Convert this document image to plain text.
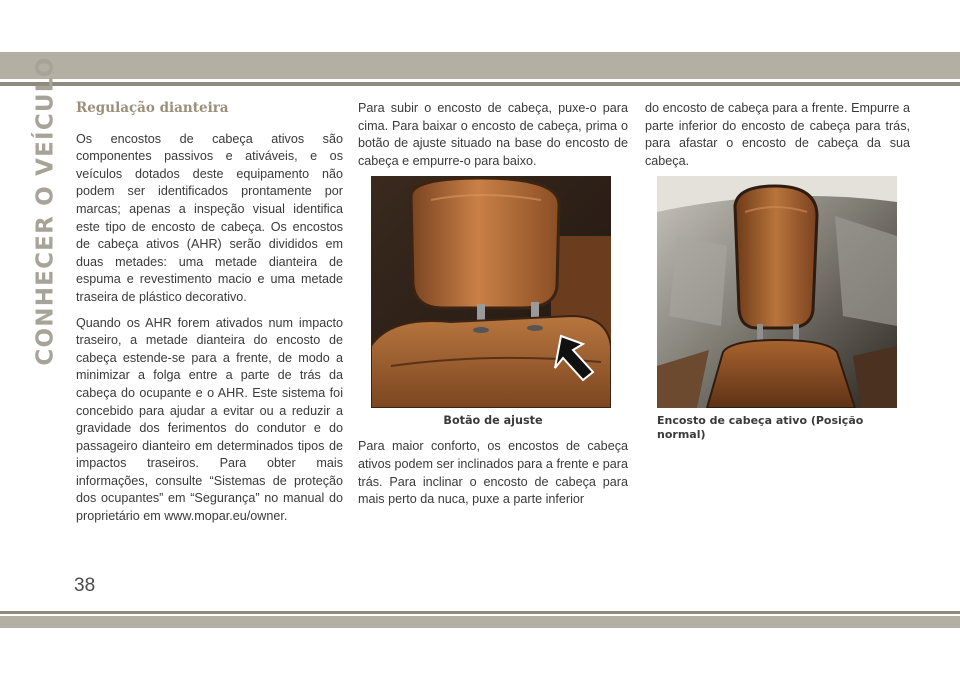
CONHECER O VEÍCULO Regulação dianteira

Os encostos de cabeça ativos são componentes passivos e ativáveis, e os veículos dotados deste equipamento não podem ser identificados prontamente por marcas; apenas a inspeção visual identifica este tipo de encosto de cabeça. Os encostos de cabeça ativos (AHR) serão divididos em duas metades: uma metade dianteira de espuma e revestimento macio e uma metade traseira de plástico decorativo.

Quando os AHR forem ativados num impacto traseiro, a metade dianteira do encosto de cabeça estende-se para a frente, de modo a minimizar a folga entre a parte de trás da cabeça do ocupante e o AHR. Este sistema foi concebido para ajudar a evitar ou a reduzir a gravidade dos ferimentos do condutor e do passageiro dianteiro em determinados tipos de impactos traseiros. Para obter mais informações, consulte “Sistemas de proteção dos ocupantes” em “Segurança” no manual do proprietário em www.mopar.eu/owner.

Para subir o encosto de cabeça, puxe-o para cima. Para baixar o encosto de cabeça, prima o botão de ajuste situado na base do encosto de cabeça e empurre-o para baixo.

Botão de ajuste

Para maior conforto, os encostos de cabeça ativos podem ser inclinados para a frente e para trás. Para inclinar o encosto de cabeça para mais perto da nuca, puxe a parte inferior

do encosto de cabeça para a frente. Empurre a parte inferior do encosto de cabeça para trás, para afastar o encosto de cabeça da sua cabeça.

Encosto de cabeça ativo (Posição normal)
38
